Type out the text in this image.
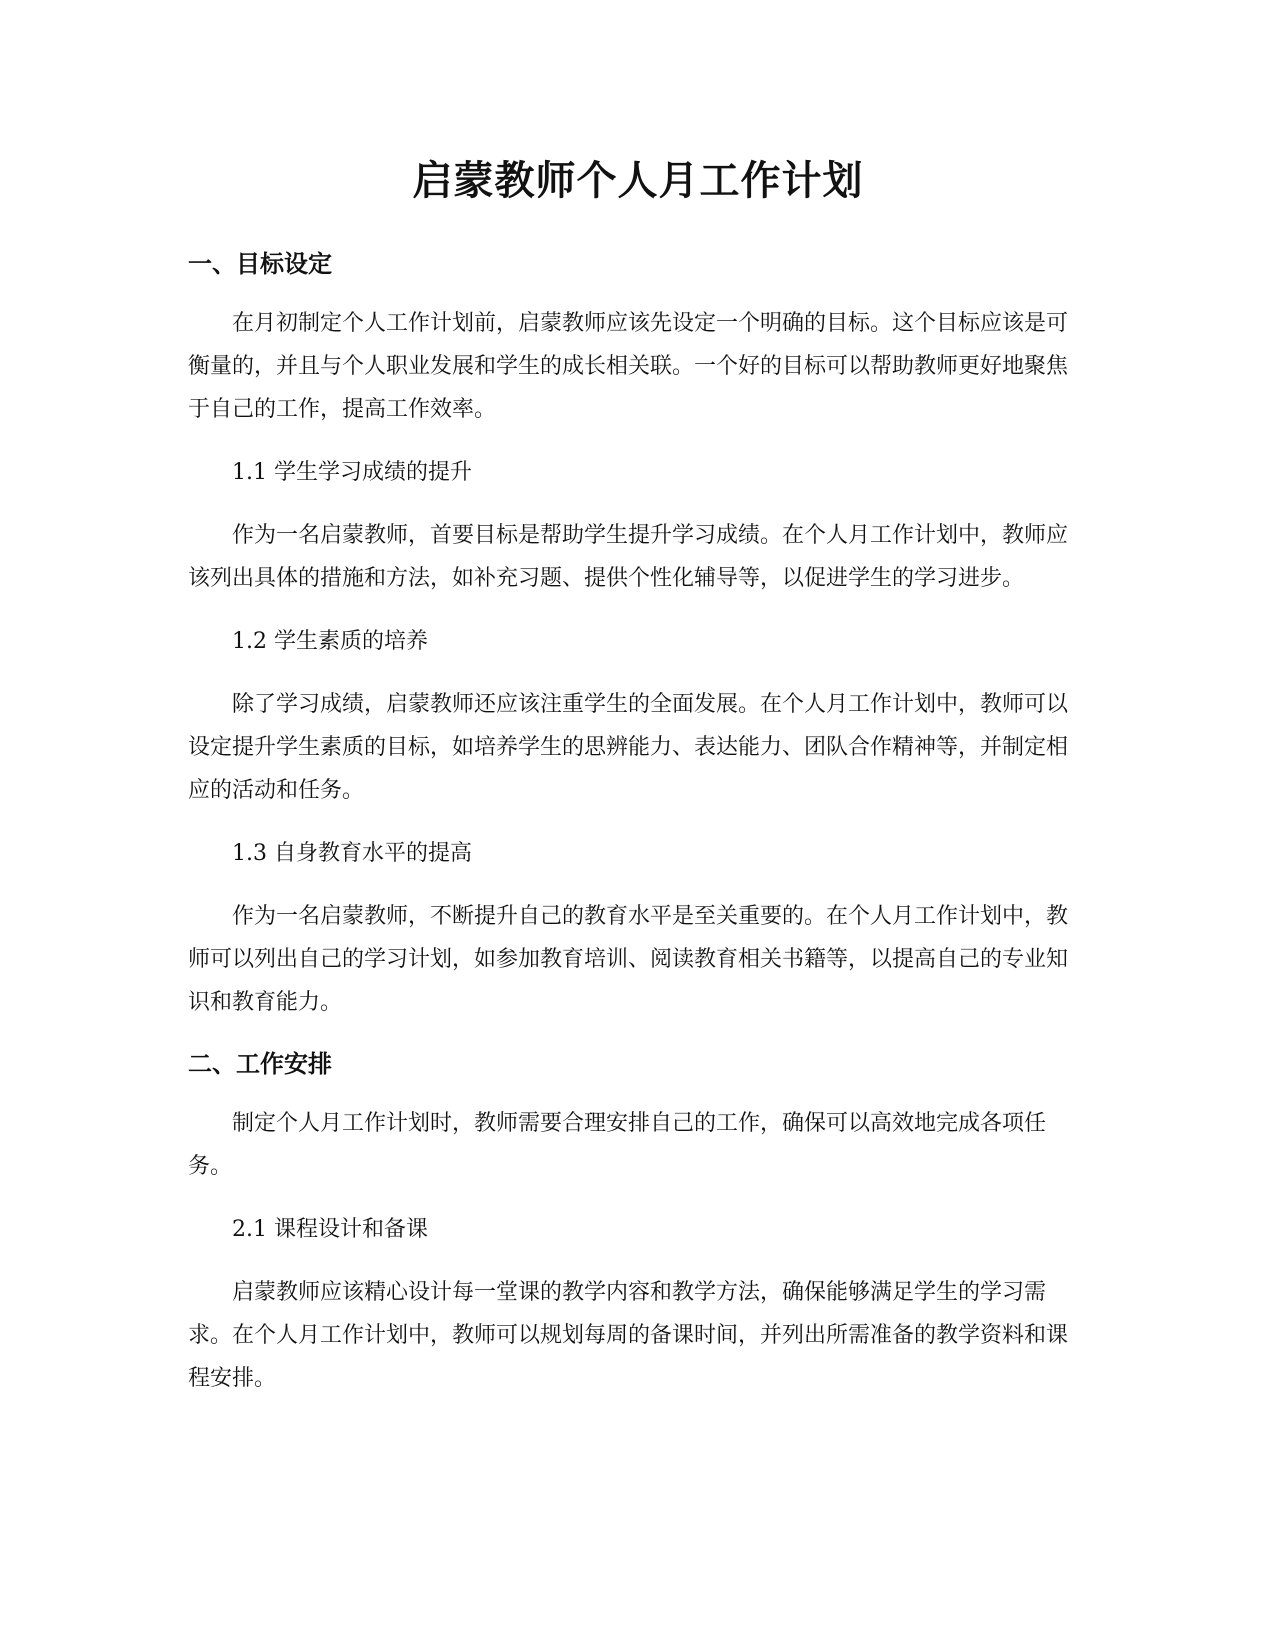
启蒙教师个人月工作计划
一、目标设定

在月初制定个人工作计划前，启蒙教师应该先设定一个明确的目标。这个目标应该是可衡量的，并且与个人职业发展和学生的成长相关联。一个好的目标可以帮助教师更好地聚焦于自己的工作，提高工作效率。

1.1 学生学习成绩的提升

作为一名启蒙教师，首要目标是帮助学生提升学习成绩。在个人月工作计划中，教师应该列出具体的措施和方法，如补充习题、提供个性化辅导等，以促进学生的学习进步。

1.2 学生素质的培养

除了学习成绩，启蒙教师还应该注重学生的全面发展。在个人月工作计划中，教师可以设定提升学生素质的目标，如培养学生的思辨能力、表达能力、团队合作精神等，并制定相应的活动和任务。

1.3 自身教育水平的提高

作为一名启蒙教师，不断提升自己的教育水平是至关重要的。在个人月工作计划中，教师可以列出自己的学习计划，如参加教育培训、阅读教育相关书籍等，以提高自己的专业知识和教育能力。

二、工作安排

制定个人月工作计划时，教师需要合理安排自己的工作，确保可以高效地完成各项任务。

2.1 课程设计和备课

启蒙教师应该精心设计每一堂课的教学内容和教学方法，确保能够满足学生的学习需求。在个人月工作计划中，教师可以规划每周的备课时间，并列出所需准备的教学资料和课程安排。
